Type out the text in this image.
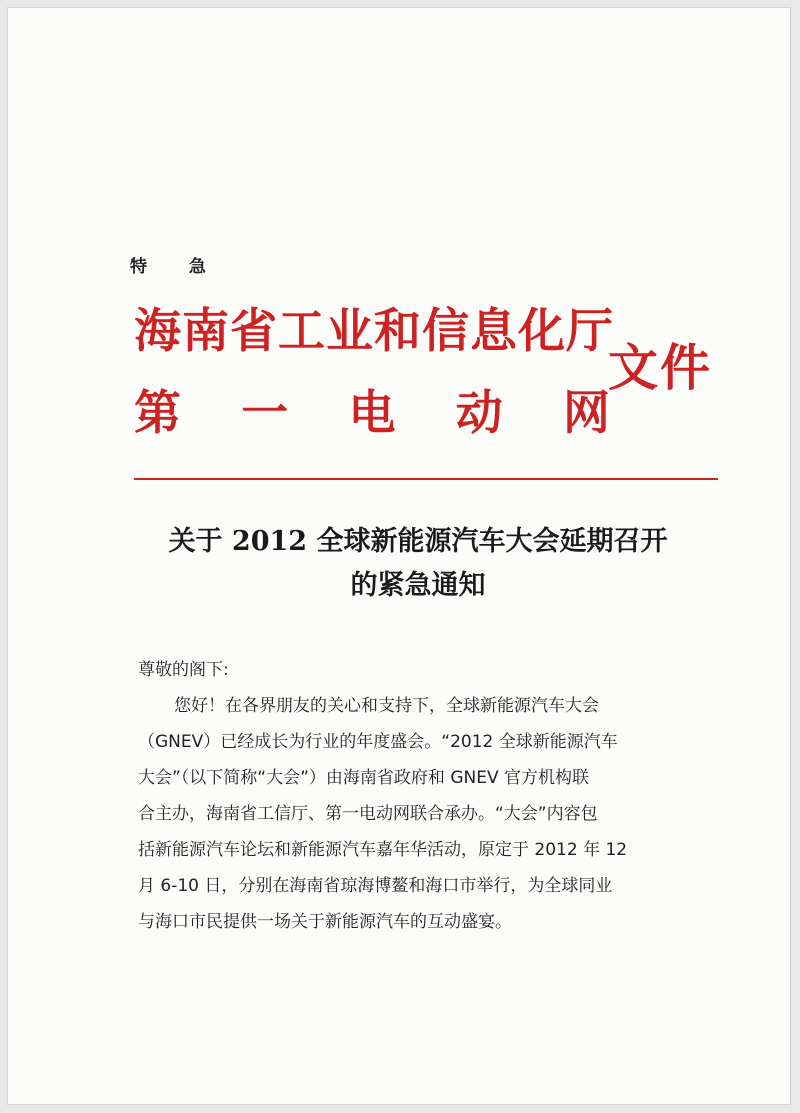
特 急
海南省工业和信息化厅
第 一 电 动 网
文件
关于 2012 全球新能源汽车大会延期召开
的紧急通知

尊敬的阁下:

您好！在各界朋友的关心和支持下，全球新能源汽车大会

（GNEV）已经成长为行业的年度盛会。“2012 全球新能源汽车

大会”（以下简称“大会”）由海南省政府和 GNEV 官方机构联

合主办，海南省工信厅、第一电动网联合承办。“大会”内容包

括新能源汽车论坛和新能源汽车嘉年华活动，原定于 2012 年 12

月 6-10 日，分别在海南省琼海博鳌和海口市举行，为全球同业

与海口市民提供一场关于新能源汽车的互动盛宴。
